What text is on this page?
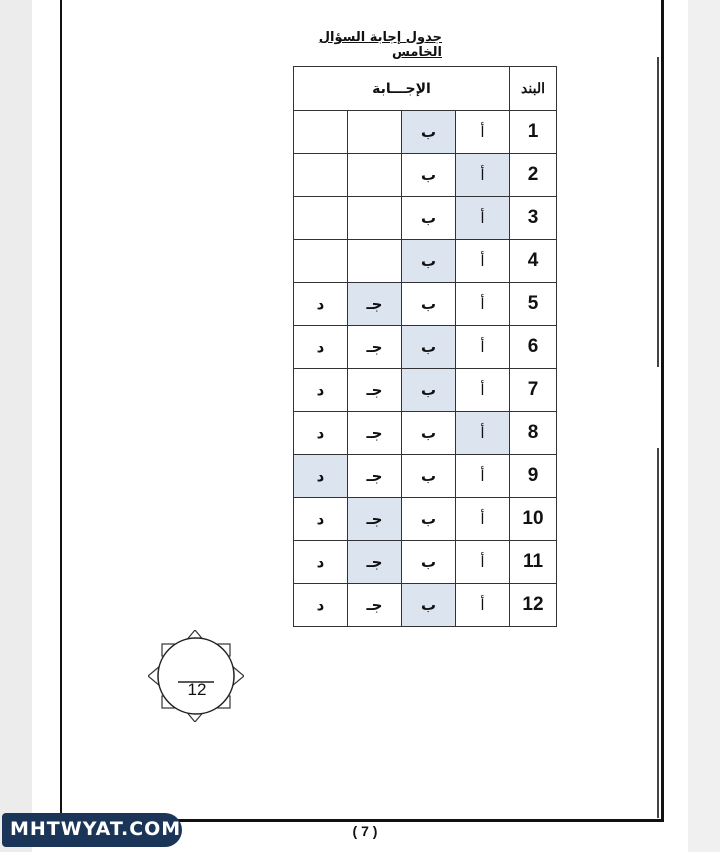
جدول إجابة السؤال الخامس
البند	الإجـــابة			
1	أ	ب		
2	أ	ب		
3	أ	ب		
4	أ	ب		
5	أ	ب	جـ	د
6	أ	ب	جـ	د
7	أ	ب	جـ	د
8	أ	ب	جـ	د
9	أ	ب	جـ	د
10	أ	ب	جـ	د
11	أ	ب	جـ	د
12	أ	ب	جـ	د
12
MHTWYAT.COM	( 7 )
